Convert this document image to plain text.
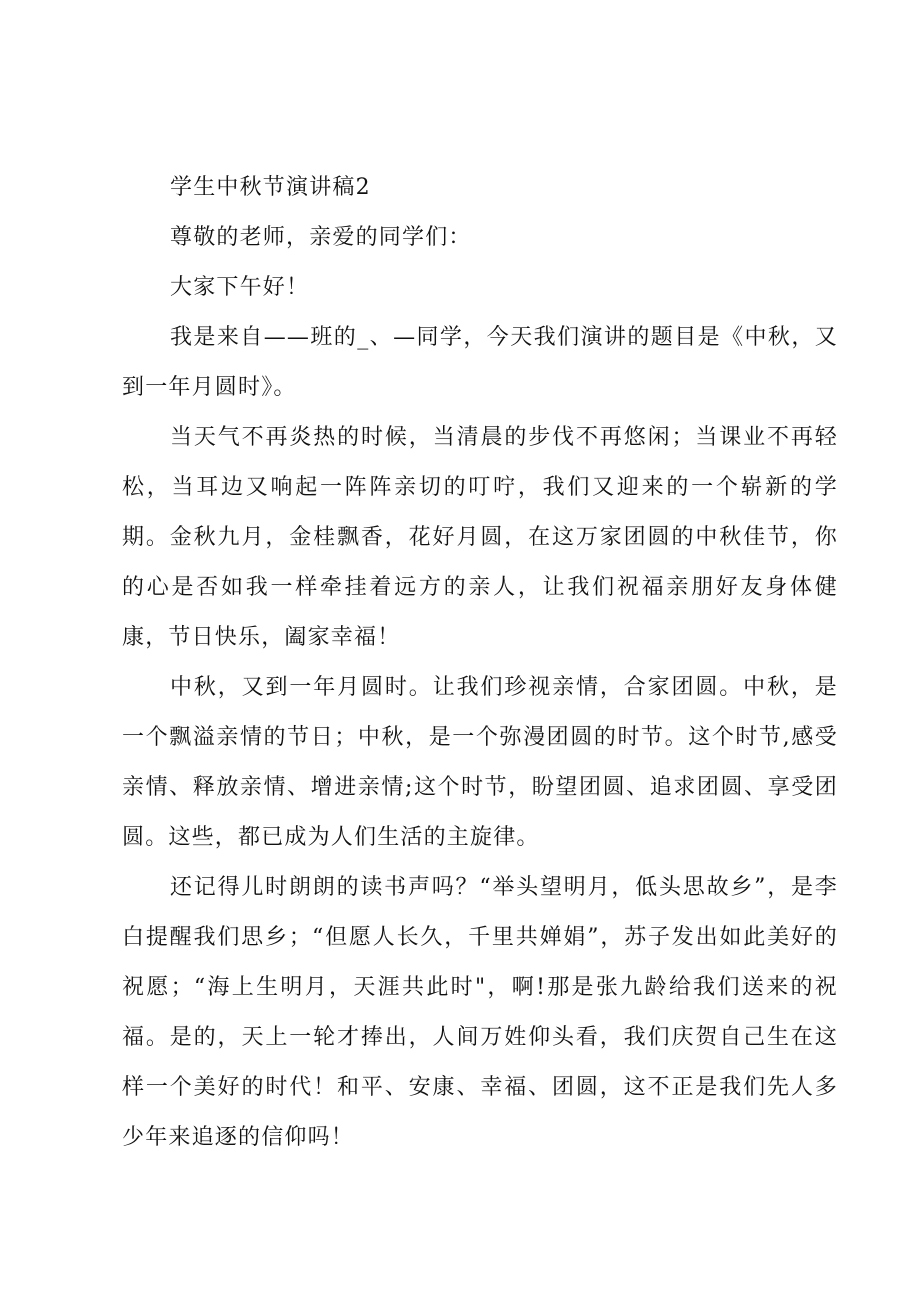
学生中秋节演讲稿2

尊敬的老师，亲爱的同学们：

大家下午好！

我是来自——班的_、—同学，今天我们演讲的题目是《中秋，又到一年月圆时》。

当天气不再炎热的时候，当清晨的步伐不再悠闲；当课业不再轻松，当耳边又响起一阵阵亲切的叮咛，我们又迎来的一个崭新的学期。金秋九月，金桂飘香，花好月圆，在这万家团圆的中秋佳节，你的心是否如我一样牵挂着远方的亲人，让我们祝福亲朋好友身体健康，节日快乐，阖家幸福！

中秋，又到一年月圆时。让我们珍视亲情，合家团圆。中秋，是一个飘溢亲情的节日；中秋，是一个弥漫团圆的时节。这个时节,感受亲情、释放亲情、增进亲情;这个时节，盼望团圆、追求团圆、享受团圆。这些，都已成为人们生活的主旋律。

还记得儿时朗朗的读书声吗？“举头望明月，低头思故乡”，是李白提醒我们思乡；“但愿人长久，千里共婵娟”，苏子发出如此美好的祝愿；“海上生明月，天涯共此时"，啊!那是张九龄给我们送来的祝福。是的，天上一轮才捧出，人间万姓仰头看，我们庆贺自己生在这样一个美好的时代！和平、安康、幸福、团圆，这不正是我们先人多少年来追逐的信仰吗！
